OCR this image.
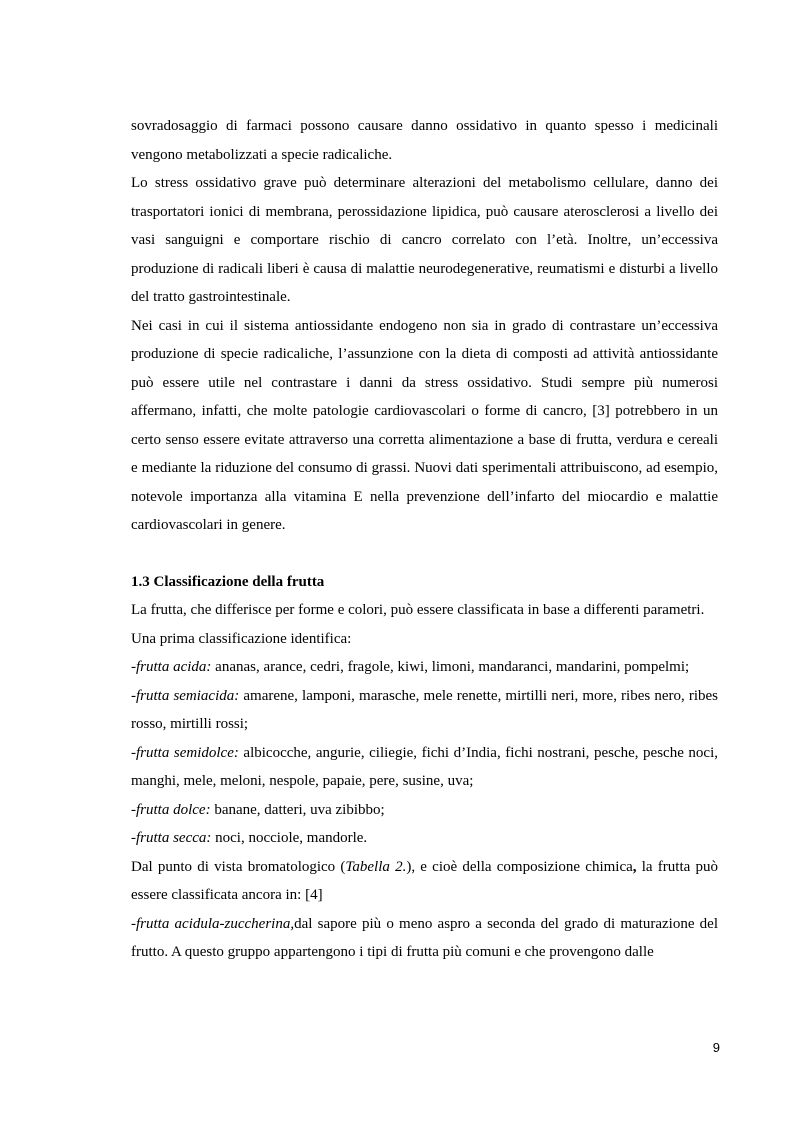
sovradosaggio di farmaci possono causare danno ossidativo in quanto spesso i medicinali vengono metabolizzati a specie radicaliche.

Lo stress ossidativo grave può determinare alterazioni del metabolismo cellulare, danno dei trasportatori ionici di membrana, perossidazione lipidica, può causare aterosclerosi a livello dei vasi sanguigni e comportare rischio di cancro correlato con l’età. Inoltre, un’eccessiva produzione di radicali liberi è causa di malattie neurodegenerative, reumatismi e disturbi a livello del tratto gastrointestinale.

Nei casi in cui il sistema antiossidante endogeno non sia in grado di contrastare un’eccessiva produzione di specie radicaliche, l’assunzione con la dieta di composti ad attività antiossidante può essere utile nel contrastare i danni da stress ossidativo. Studi sempre più numerosi affermano, infatti, che molte patologie cardiovascolari o forme di cancro, [3] potrebbero in un certo senso essere evitate attraverso una corretta alimentazione a base di frutta, verdura e cereali e mediante la riduzione del consumo di grassi. Nuovi dati sperimentali attribuiscono, ad esempio, notevole importanza alla vitamina E nella prevenzione dell’infarto del miocardio e malattie cardiovascolari in genere.

1.3 Classificazione della frutta

La frutta, che differisce per forme e colori, può essere classificata in base a differenti parametri.

Una prima classificazione identifica:

-frutta acida: ananas, arance, cedri, fragole, kiwi, limoni, mandaranci, mandarini, pompelmi;

-frutta semiacida: amarene, lamponi, marasche, mele renette, mirtilli neri, more, ribes nero, ribes rosso, mirtilli rossi;

-frutta semidolce: albicocche, angurie, ciliegie, fichi d’India, fichi nostrani, pesche, pesche noci, manghi, mele, meloni, nespole, papaie, pere, susine, uva;

-frutta dolce: banane, datteri, uva zibibbo;

-frutta secca: noci, nocciole, mandorle.

Dal punto di vista bromatologico (Tabella 2.), e cioè della composizione chimica, la frutta può essere classificata ancora in: [4]

-frutta acidula-zuccherina,dal sapore più o meno aspro a seconda del grado di maturazione del frutto. A questo gruppo appartengono i tipi di frutta più comuni e che provengono dalle

9
